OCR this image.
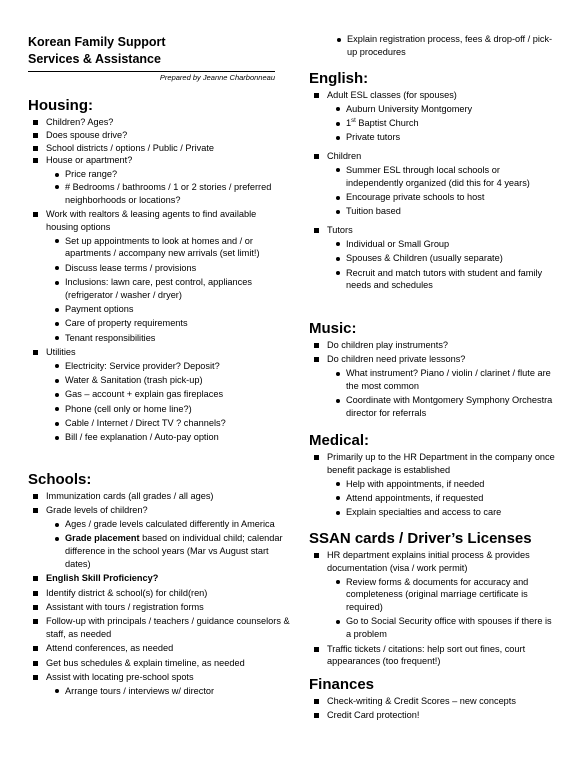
Korean Family Support
Services & Assistance
Prepared by Jeanne Charbonneau
Housing:
Children? Ages?
Does spouse drive?
School districts / options / Public / Private
House or apartment?
Price range?
# Bedrooms / bathrooms / 1 or 2 stories / preferred neighborhoods or locations?
Work with realtors & leasing agents to find available housing options
Set up appointments to look at homes and / or apartments / accompany new arrivals (set limit!)
Discuss lease terms / provisions
Inclusions: lawn care, pest control, appliances (refrigerator / washer / dryer)
Payment options
Care of property requirements
Tenant responsibilities
Utilities
Electricity: Service provider? Deposit?
Water & Sanitation (trash pick-up)
Gas – account + explain gas fireplaces
Phone (cell only or home line?)
Cable / Internet / Direct TV ? channels?
Bill / fee explanation / Auto-pay option
Schools:
Immunization cards (all grades / all ages)
Grade levels of children?
Ages / grade levels calculated differently in America
Grade placement based on individual child; calendar difference in the school years (Mar vs August start dates)
English Skill Proficiency?
Identify district & school(s) for child(ren)
Assistant with tours / registration forms
Follow-up with principals / teachers / guidance counselors & staff, as needed
Attend conferences, as needed
Get bus schedules & explain timeline, as needed
Assist with locating pre-school spots
Arrange tours / interviews w/ director
Explain registration process, fees & drop-off / pick-up procedures
English:
Adult ESL classes (for spouses)
Auburn University Montgomery
1st Baptist Church
Private tutors
Children
Summer ESL through local schools or independently organized (did this for 4 years)
Encourage private schools to host
Tuition based
Tutors
Individual or Small Group
Spouses & Children (usually separate)
Recruit and match tutors with student and family needs and schedules
Music:
Do children play instruments?
Do children need private lessons?
What instrument? Piano / violin / clarinet / flute are the most common
Coordinate with Montgomery Symphony Orchestra director for referrals
Medical:
Primarily up to the HR Department in the company once benefit package is established
Help with appointments, if needed
Attend appointments, if requested
Explain specialties and access to care
SSAN cards / Driver’s Licenses
HR department explains initial process & provides documentation (visa / work permit)
Review forms & documents for accuracy and completeness (original marriage certificate is required)
Go to Social Security office with spouses if there is a problem
Traffic tickets / citations: help sort out fines, court appearances (too frequent!)
Finances
Check-writing & Credit Scores – new concepts
Credit Card protection!
